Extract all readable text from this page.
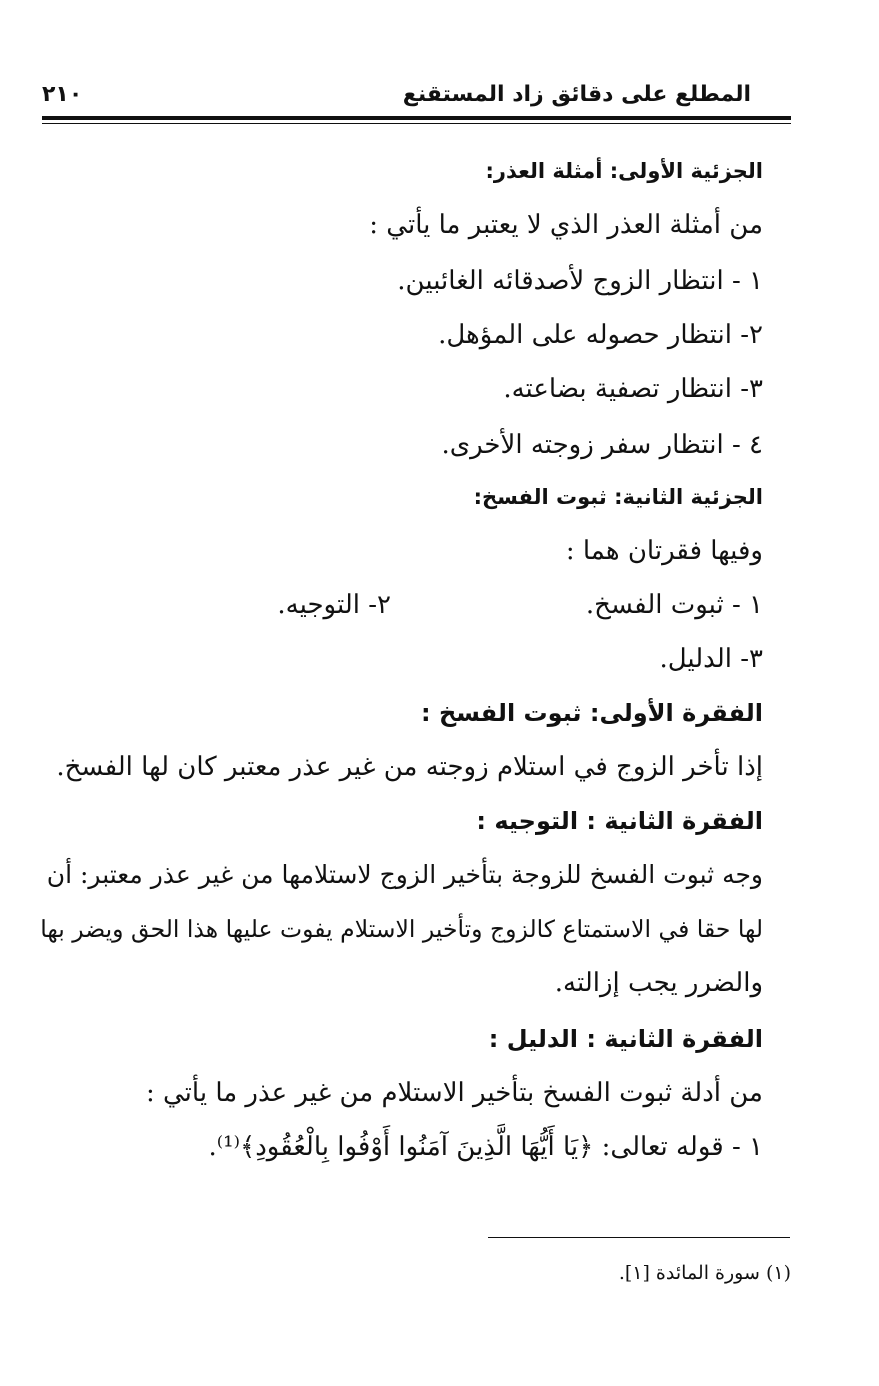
المطلع على دقائق زاد المستقنع
٢١٠
الجزئية الأولى: أمثلة العذر:
من أمثلة العذر الذي لا يعتبر ما يأتي :
١ - انتظار الزوج لأصدقائه الغائبين.
٢- انتظار حصوله على المؤهل.
٣- انتظار تصفية بضاعته.
٤ - انتظار سفر زوجته الأخرى.
الجزئية الثانية: ثبوت الفسخ:
وفيها فقرتان هما :
١ - ثبوت الفسخ.
٢- التوجيه.
٣- الدليل.
الفقرة الأولى: ثبوت الفسخ :
إذا تأخر الزوج في استلام زوجته من غير عذر معتبر كان لها الفسخ.
الفقرة الثانية : التوجيه :
وجه ثبوت الفسخ للزوجة بتأخير الزوج لاستلامها من غير عذر معتبر: أن
لها حقا في الاستمتاع كالزوج وتأخير الاستلام يفوت عليها هذا الحق ويضر بها
والضرر يجب إزالته.
الفقرة الثانية : الدليل :
من أدلة ثبوت الفسخ بتأخير الاستلام من غير عذر ما يأتي :
١ - قوله تعالى: ﴿يَا أَيُّهَا الَّذِينَ آمَنُوا أَوْفُوا بِالْعُقُودِ﴾⁽¹⁾.
(١) سورة المائدة [١].
